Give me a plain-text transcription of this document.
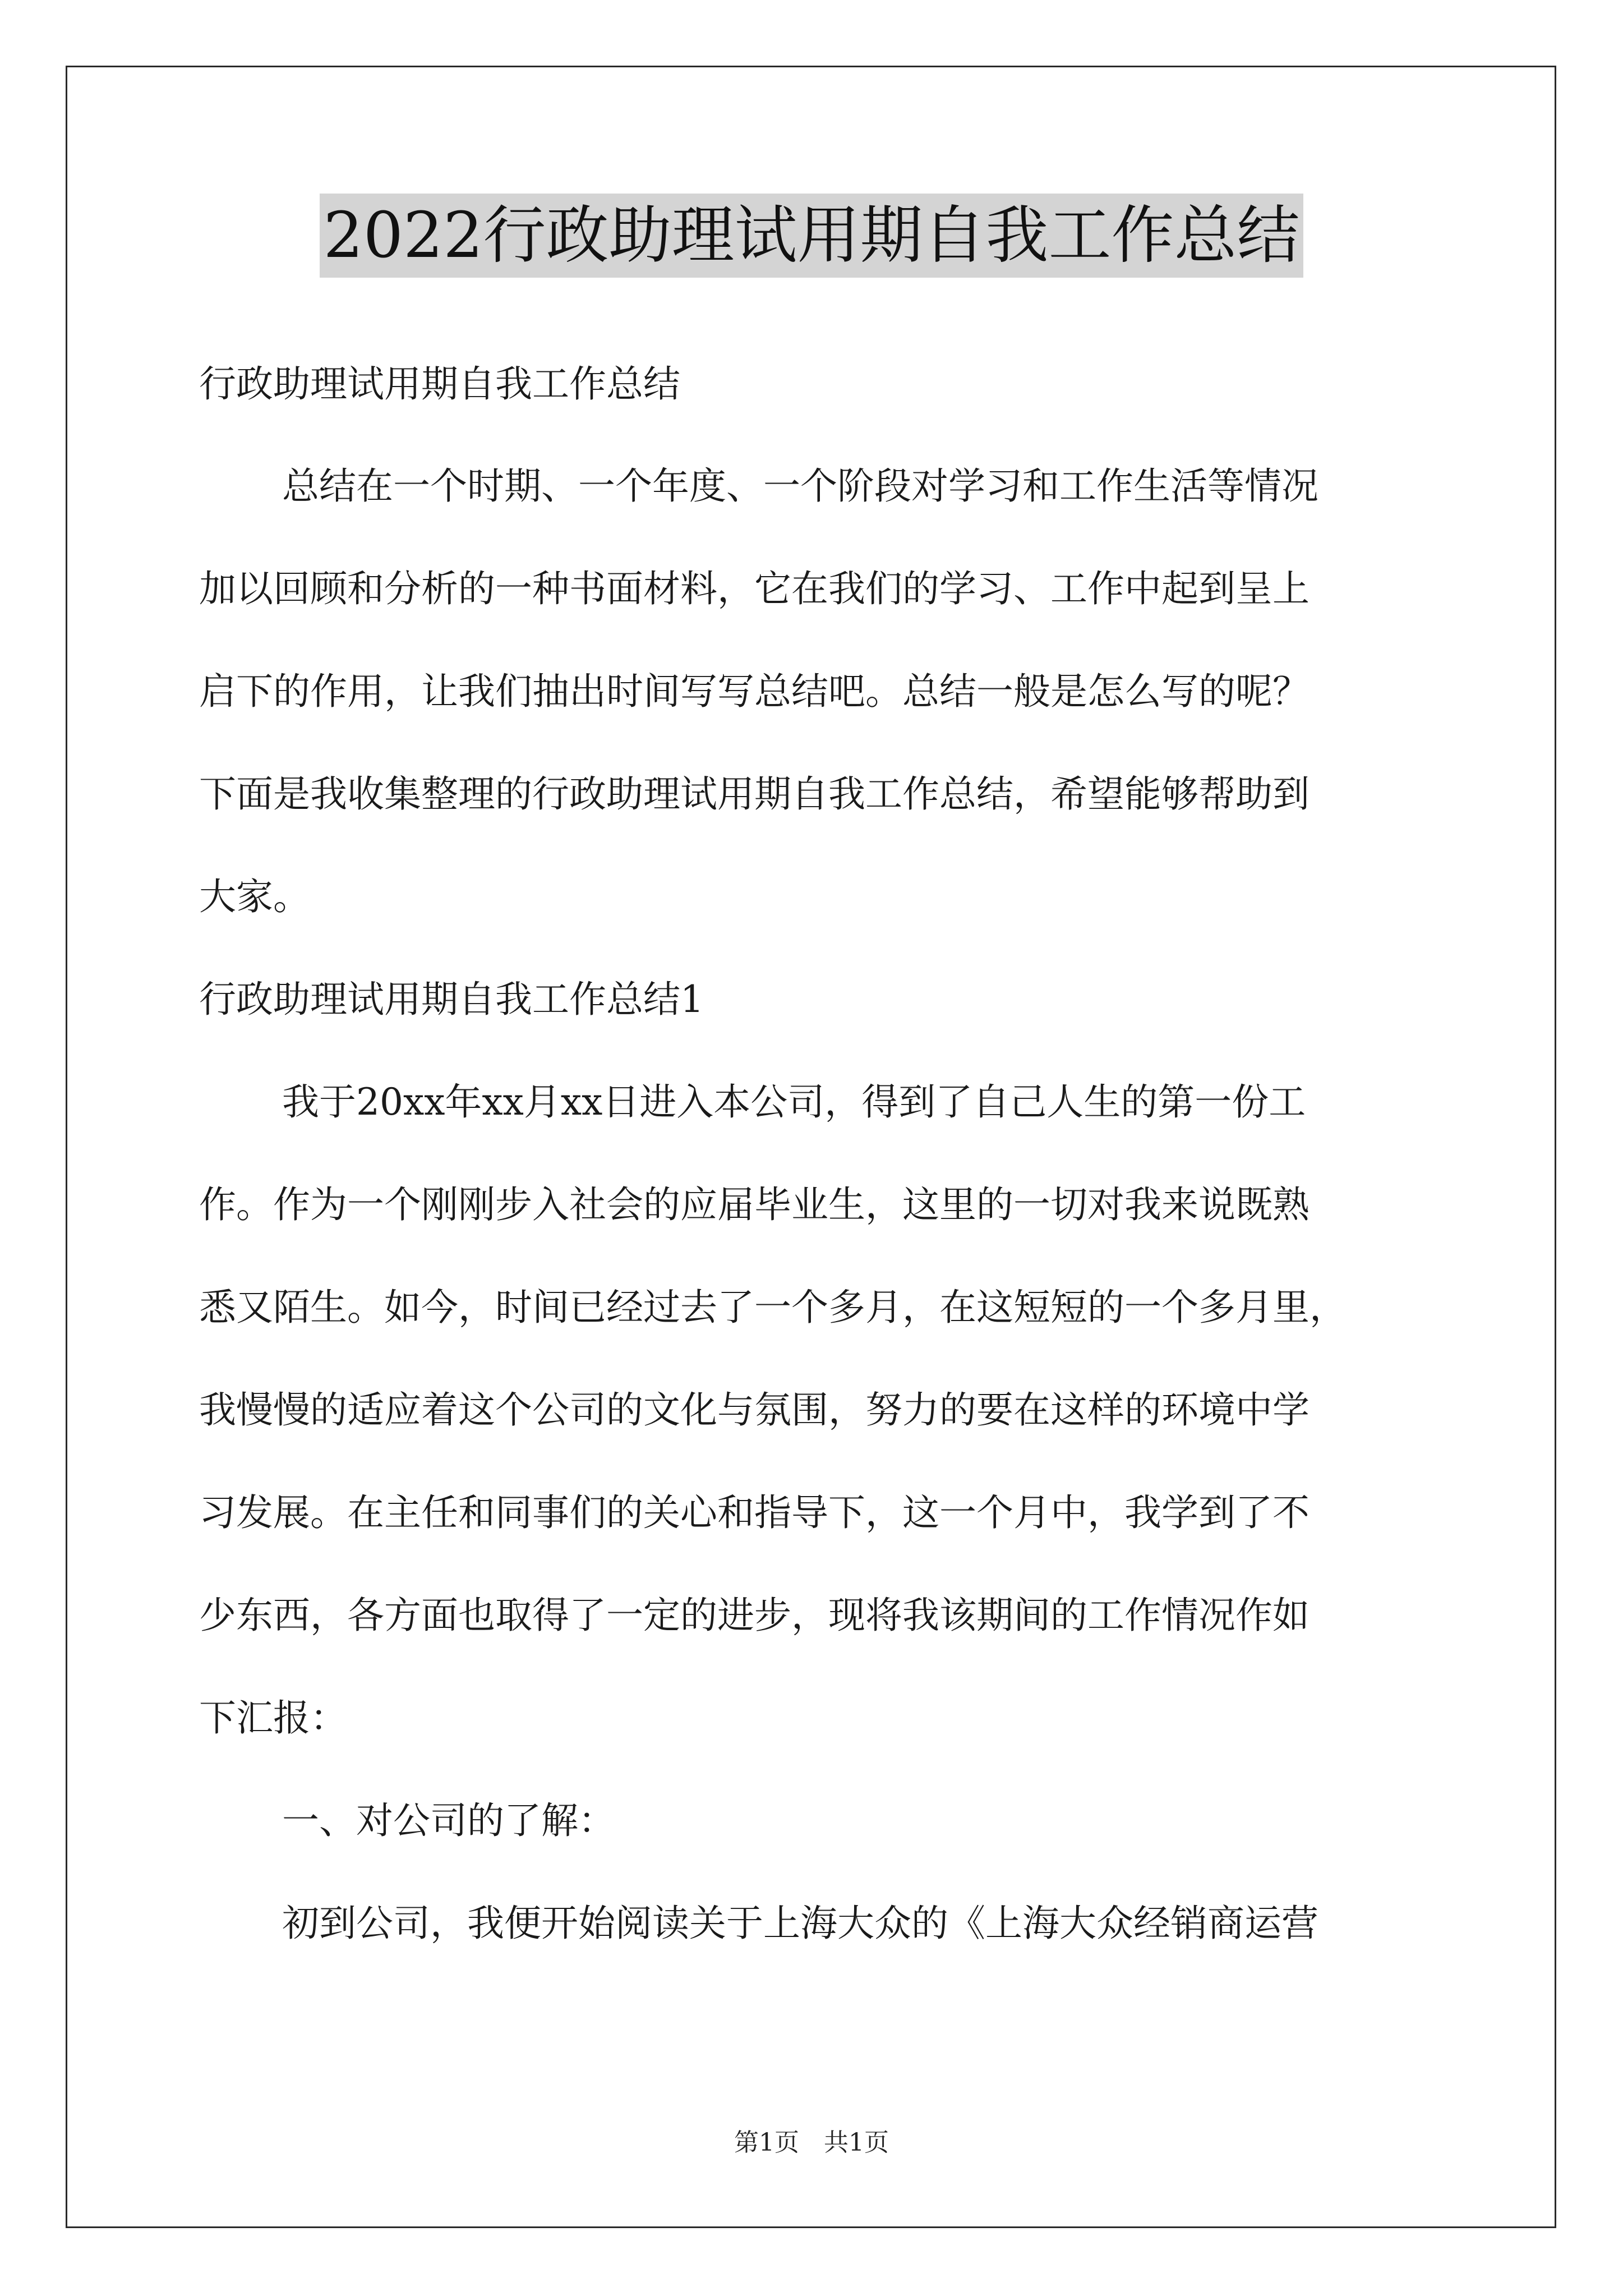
2022行政助理试用期自我工作总结
行政助理试用期自我工作总结
总结在一个时期、一个年度、一个阶段对学习和工作生活等情况
加以回顾和分析的一种书面材料，它在我们的学习、工作中起到呈上
启下的作用，让我们抽出时间写写总结吧。总结一般是怎么写的呢？
下面是我收集整理的行政助理试用期自我工作总结，希望能够帮助到
大家。
行政助理试用期自我工作总结1
我于20xx年xx月xx日进入本公司，得到了自己人生的第一份工
作。作为一个刚刚步入社会的应届毕业生，这里的一切对我来说既熟
悉又陌生。如今，时间已经过去了一个多月，在这短短的一个多月里，
我慢慢的适应着这个公司的文化与氛围，努力的要在这样的环境中学
习发展。在主任和同事们的关心和指导下，这一个月中，我学到了不
少东西，各方面也取得了一定的进步，现将我该期间的工作情况作如
下汇报：
一、对公司的了解：
初到公司，我便开始阅读关于上海大众的《上海大众经销商运营
第1页　共1页
